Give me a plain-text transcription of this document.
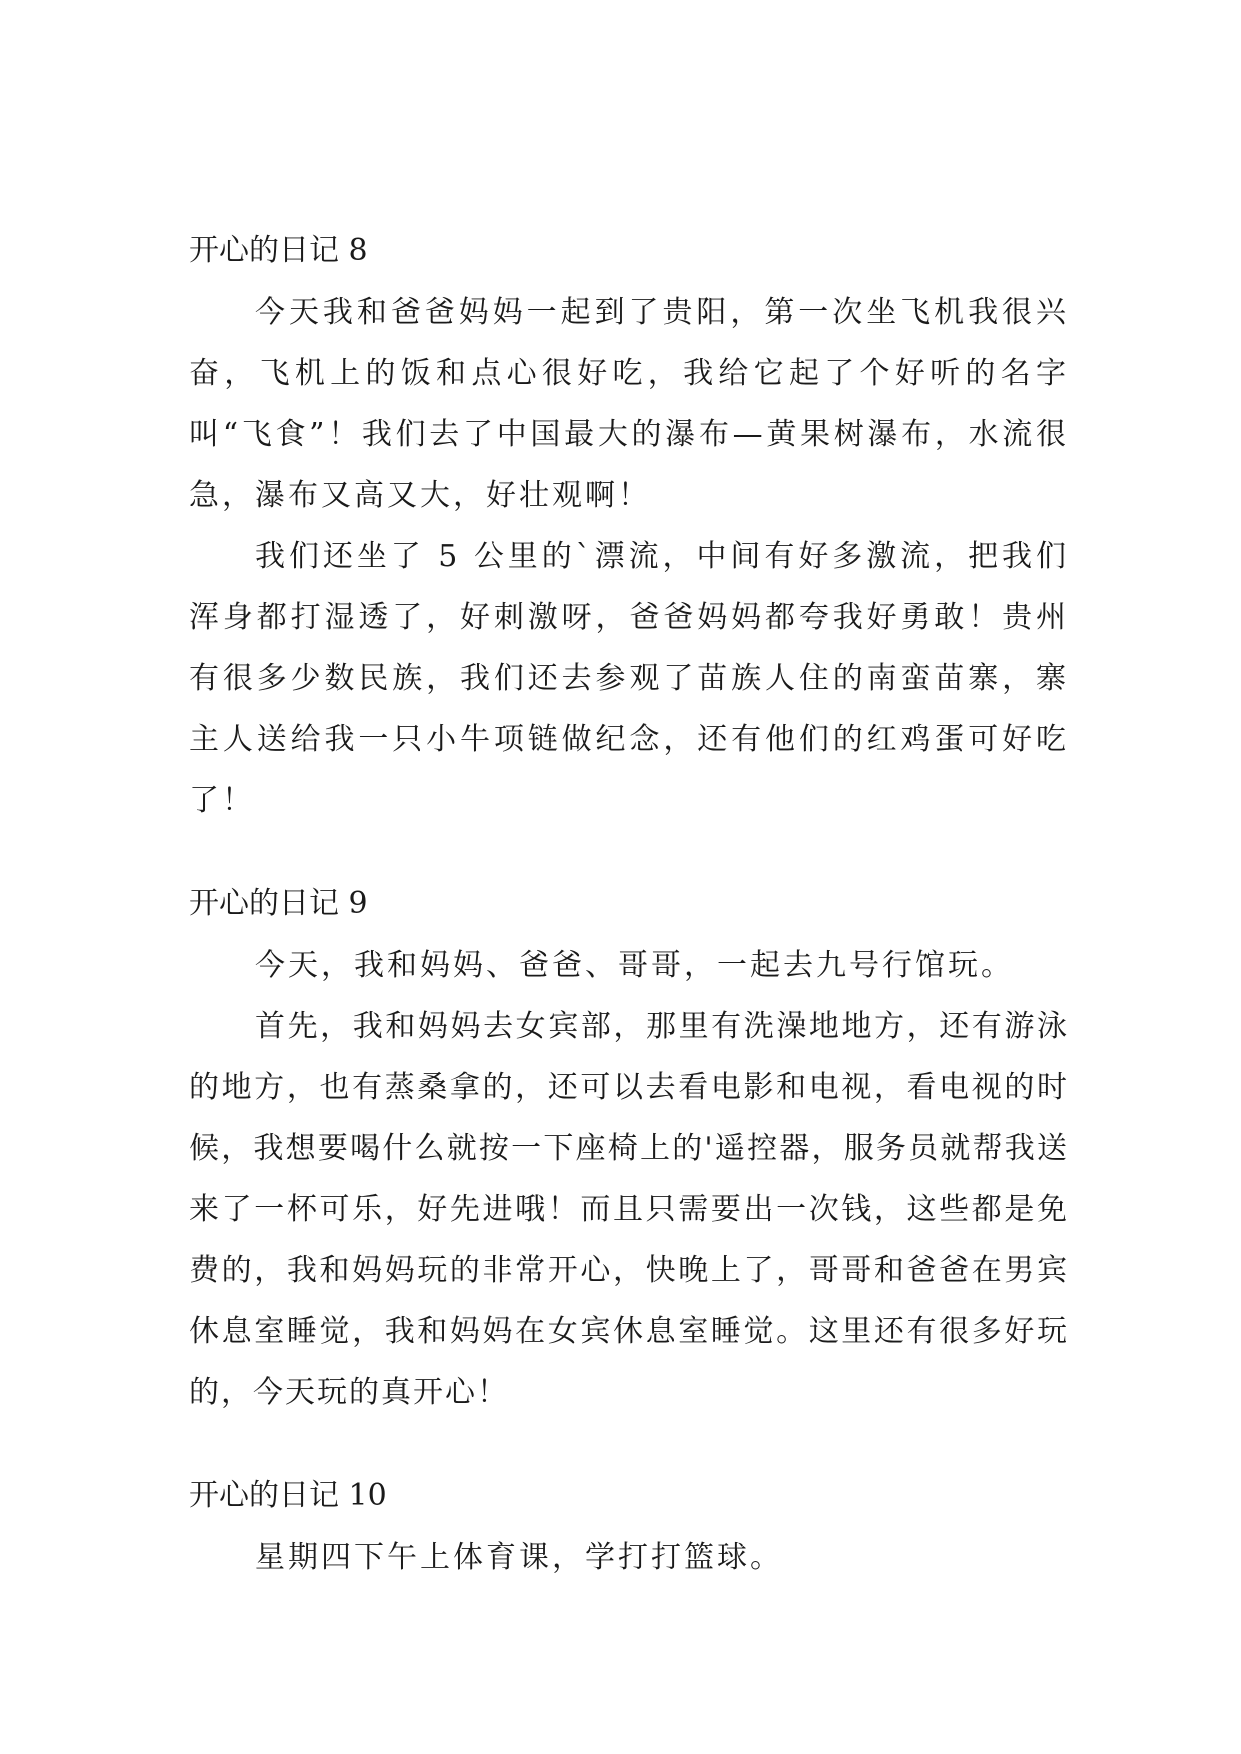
开心的日记 8

今天我和爸爸妈妈一起到了贵阳，第一次坐飞机我很兴奋，飞机上的饭和点心很好吃，我给它起了个好听的名字叫“飞食”！我们去了中国最大的瀑布—黄果树瀑布，水流很急，瀑布又高又大，好壮观啊！

我们还坐了 5 公里的`漂流，中间有好多激流，把我们浑身都打湿透了，好刺激呀，爸爸妈妈都夸我好勇敢！贵州有很多少数民族，我们还去参观了苗族人住的南蛮苗寨，寨主人送给我一只小牛项链做纪念，还有他们的红鸡蛋可好吃了！

开心的日记 9

今天，我和妈妈、爸爸、哥哥，一起去九号行馆玩。

首先，我和妈妈去女宾部，那里有洗澡地地方，还有游泳的地方，也有蒸桑拿的，还可以去看电影和电视，看电视的时候，我想要喝什么就按一下座椅上的'遥控器，服务员就帮我送来了一杯可乐，好先进哦！而且只需要出一次钱，这些都是免费的，我和妈妈玩的非常开心，快晚上了，哥哥和爸爸在男宾休息室睡觉，我和妈妈在女宾休息室睡觉。这里还有很多好玩的，今天玩的真开心！

开心的日记 10

星期四下午上体育课，学打打篮球。
